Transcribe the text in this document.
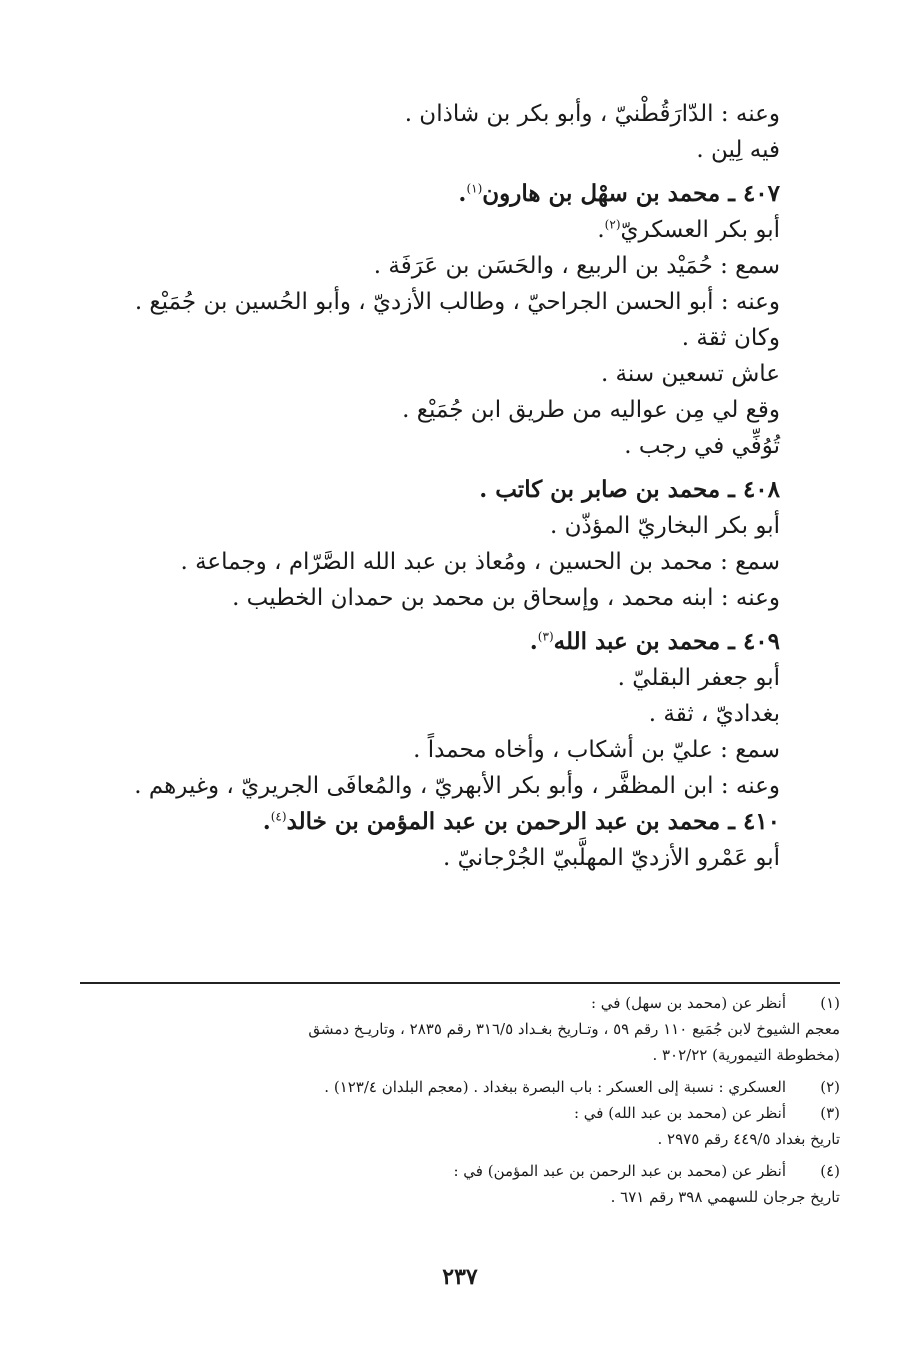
وعنه : الدّارَقُطْنيّ ، وأبو بكر بن شاذان .
فيه لِين .
٤٠٧ ـ محمد بن سهْل بن هارون$^{(١)}$.
أبو بكر العسكريّ$^{(٢)}$.
سمع : حُمَيْد بن الربيع ، والحَسَن بن عَرَفَة .
وعنه : أبو الحسن الجراحيّ ، وطالب الأزديّ ، وأبو الحُسين بن جُمَيْع .
وكان ثقة .
عاش تسعين سنة .
وقع لي مِن عواليه من طريق ابن جُمَيْع .
تُوُفِّي في رجب .
٤٠٨ ـ محمد بن صابر بن كاتب .
أبو بكر البخاريّ المؤذّن .
سمع : محمد بن الحسين ، ومُعاذ بن عبد الله الصَّرّام ، وجماعة .
وعنه : ابنه محمد ، وإسحاق بن محمد بن حمدان الخطيب .
٤٠٩ ـ محمد بن عبد الله$^{(٣)}$.
أبو جعفر البقليّ .
بغداديّ ، ثقة .
سمع : عليّ بن أشكاب ، وأخاه محمداً .
وعنه : ابن المظفَّر ، وأبو بكر الأبهريّ ، والمُعافَى الجريريّ ، وغيرهم .
٤١٠ ـ محمد بن عبد الرحمن بن عبد المؤمن بن خالد$^{(٤)}$.
أبو عَمْرو الأزديّ المهلَّبيّ الجُرْجانيّ .
(١)
أنظر عن (محمد بن سهل) في :
معجم الشيوخ لابن جُمَيع ١١٠ رقم ٥٩ ، وتـاريخ بغـداد ٣١٦/٥ رقم ٢٨٣٥ ، وتاريـخ دمشق
(مخطوطة التيمورية) ٣٠٢/٢٢ .
(٢)
العسكري : نسبة إلى العسكر : باب البصرة ببغداد . (معجم البلدان ١٢٣/٤) .
(٣)
أنظر عن (محمد بن عبد الله) في :
تاريخ بغداد ٤٤٩/٥ رقم ٢٩٧٥ .
(٤)
أنظر عن (محمد بن عبد الرحمن بن عبد المؤمن) في :
تاريخ جرجان للسهمي ٣٩٨ رقم ٦٧١ .
٢٣٧
